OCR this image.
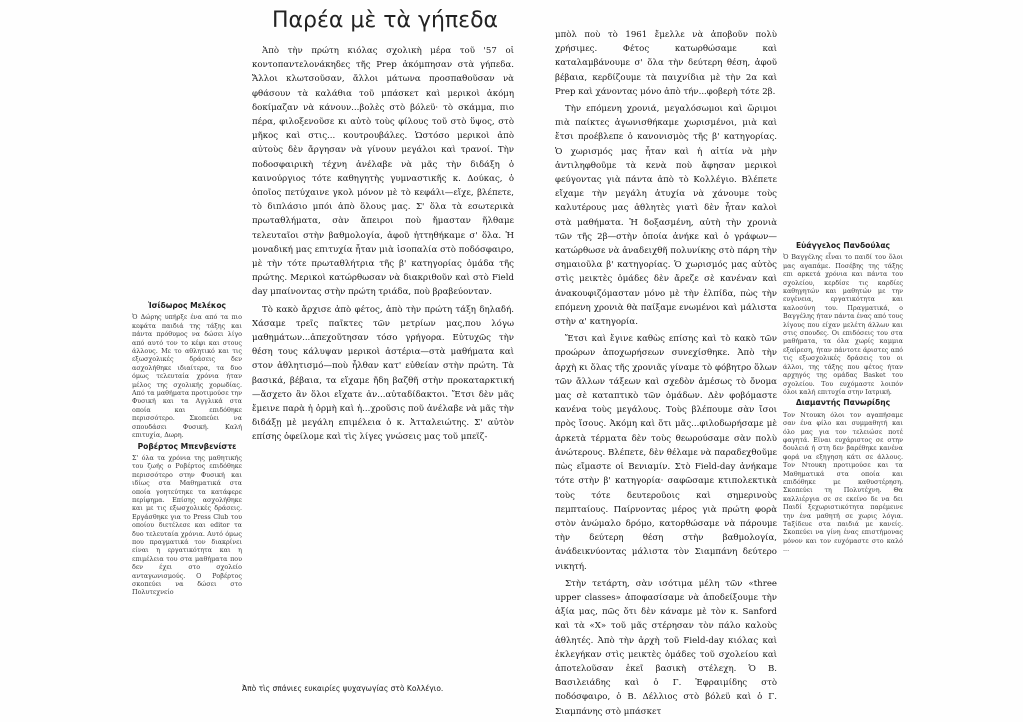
Παρέα μὲ τὰ γήπεδα
Ἰσίδωρος Μελέκος

Ὁ Δώρης υπήρξε ένα από τα πιο κεφάτα παιδιά της τάξης και πάντα πρόθυμος να δώσει λίγο από αυτό τον το κέφι και στους άλλους. Με το αθλητικό και τις εξωσχολικές δράσεις δεν ασχολήθηκε ιδιαίτερα, τα δυο όμως τελευταία χρόνια ήταν μέλος της σχολικής χορωδίας. Από τα μαθήματα προτιμούσε την Φυσική και τα Αγγλικά στα οποία και επιδόθηκε περισσότερο. Σκοπεύει να σπουδάσει Φυσική. Καλή επιτυχία, Δωρη.

Ροβέρτος Μπενβενίστε

Σ' όλα τα χρόνια της μαθητικής του ζωής ο Ροβέρτος επιδόθηκε περισσότερο στην Φυσική και ιδίως στα Μαθηματικά στα οποία γοητεύτηκε τα κατάφερε περίφημα. Επίσης ασχολήθηκε και με τις εξωσχολικές δράσεις. Εργάσθηκε για το Press Club του οποίου διετέλεσε και editor τα δυο τελευταία χρόνια. Αυτό όμως που πραγματικά τον διακρίνει είναι η εργατικότητα και η επιμέλεια του στα μαθήματα που δεν έχει στο σχολείο ανταγωνισμούς. Ο Ροβέρτος σκοπεύει να δώσει στο Πολυτεχνείο

Ἀπὸ τὴν πρώτη κιόλας σχολικὴ μέρα τοῦ '57 οἱ κοντοπαντελονάκηδες τῆς Prep ἀκόμπησαν στὰ γήπεδα. Ἄλλοι κλωτσοῦσαν, ἄλλοι μάτωνα προσπαθοῦσαν νὰ φθάσουν τὰ καλάθια τοῦ μπάσκετ καὶ μερικοὶ ἀκόμη δοκίμαζαν νὰ κάνουν...βολὲς στὸ βόλεϋ· τὸ σκάμμα, πιο πέρα, φιλοξενοῦσε κι αὐτὸ τοὺς φίλους τοῦ στὸ ὕψος, στὸ μῆκος καὶ στις... κουτρουβάλες. Ὡστόσο μερικοὶ ἀπὸ αὐτοὺς δὲν ἄργησαν νὰ γίνουν μεγάλοι καὶ τρανοί. Τὴν ποδοσφαιρικὴ τέχνη ἀνέλαβε νὰ μᾶς τὴν διδάξη ὁ καινούργιος τότε καθηγητὴς γυμναστικῆς κ. Δούκας, ὁ ὁποῖος πετύχαινε γκολ μόνον μὲ τὸ κεφάλι—εἴχε, βλέπετε, τὸ διπλάσιο μπόι ἀπὸ ὅλους μας. Σ' ὅλα τὰ εσωτερικὰ πρωταθλήματα, σὰν ἄπειροι ποὺ ἤμασταν ἥλθαμε τελευταῖοι στὴν βαθμολογία, ἀφοῦ ἡττηθήκαμε σ' ὅλα. Ἡ μοναδική μας επιτυχία ἦταν μιὰ ἰσοπαλία στὸ ποδόσφαιρο, μὲ τὴν τότε πρωταθλήτρια τῆς β' κατηγορίας ὁμάδα τῆς πρώτης. Μερικοὶ κατώρθωσαν νὰ διακριθοῦν καὶ στὸ Field day μπαίνοντας στὴν πρώτη τριάδα, ποὺ βραβεύονταν.

Τὸ κακὸ ἄρχισε ἀπὸ φέτος, ἀπὸ τὴν πρώτη τάξη δηλαδή. Χάσαμε τρεῖς παῖκτες τῶν μετρίων μας,που λόγω μαθημάτων...ἀπεχοῦτησαν τόσο γρήγορα. Εὐτυχῶς τὴν θέση τους κάλυψαν μερικοὶ ἀστέρια—στὰ μαθήματα καὶ στον ἀθλητισμό—ποὺ ἦλθαν κατ' εὐθείαν στὴν πρώτη. Τὰ βασικά, βέβαια, τα εἴχαμε ἤδη βαζθῆ στὴν προκαταρκτική—ἄσχετο ἂν ὅλοι εἴχατε ἀν...αὐταδίδακτοι. Ἔτσι δὲν μᾶς ἔμεινε παρὰ ἡ ὁρμὴ καὶ ἡ...χροῦσις ποῦ ἀνέλαβε νὰ μᾶς τὴν διδάξῃ μὲ μεγάλη επιμέλεια ὁ κ. Ἀτταλειώτης. Σ' αὐτὸν επίσης ὀφείλομε καὶ τὶς λίγες γνώσεις μας τοῦ μπεϊζ-

Ἀπὸ τὶς σπάνιες ευκαιρίες ψυχαγωγίας στὸ Κολλέγιο.

μπὸλ ποὺ τὸ 1961 ἔμελλε νὰ ἀποβοῦν πολὺ χρήσιμες. Φέτος κατωρθώσαμε καὶ καταλαμβάνουμε σ' ὅλα τὴν δεύτερη θέση, ἀφοῦ βέβαια, κερδίζουμε τὰ παιχνίδια μὲ τὴν 2α καὶ Prep καὶ χάνοντας μόνο ἀπὸ τήν...φοβερὴ τότε 2β.

Τὴν επόμενη χρονιά, μεγαλόσωμοι καὶ ὥριμοι πιὰ παίκτες ἀγωνισθήκαμε χωρισμένοι, μιὰ καὶ ἔτσι προέβλεπε ὁ κανονισμὸς τῆς β' κατηγορίας. Ὁ χωρισμός μας ἦταν καὶ ἡ αἰτία νὰ μὴν ἀντιληφθοῦμε τὰ κενὰ ποὺ ἄφησαν μερικοὶ φεύγοντας γιὰ πάντα ἀπὸ τὸ Κολλέγιο. Βλέπετε εἴχαμε τὴν μεγάλη ἀτυχία νὰ χάνουμε τοὺς καλυτέρους μας ἀθλητὲς γιατὶ δὲν ἦταν καλοὶ στὰ μαθήματα. Ἡ δοξασμένη, αὐτὴ τὴν χρονιὰ τῶν τῆς 2β—στὴν ὁποία ἀνήκε καὶ ὁ γράφων—κατώρθωσε νὰ ἀναδειχθῆ πολυνίκης στὸ πάρη τὴν σημαιοῦλα β' κατηγορίας. Ὁ χωρισμός μας αὐτὸς στὶς μεικτὲς ὁμάδες δὲν ἄρεζε σὲ κανέναν καὶ ἀνακουφιζόμασταν μόνο μὲ τὴν ἐλπίδα, πὼς τὴν επόμενη χρονιὰ θὰ παίξαμε ενωμένοι καὶ μάλιστα στὴν α' κατηγορία.

Ἔτσι καὶ ἔγινε καθὼς επίσης καὶ τὸ κακὸ τῶν προώρων ἀποχωρήσεων συνεχίσθηκε. Ἀπὸ τὴν ἀρχὴ κι ὅλας τῆς χρονιᾶς γίναμε τὸ φόβητρο ὅλων τῶν ἄλλων τάξεων καὶ σχεδὸν ἁμέσως τὸ ὄνομα μας σὲ καταπτικὸ τῶν ὁμάδων. Δὲν φοβόμαστε κανένα τοὺς μεγάλους. Τοὺς βλέπουμε σὰν ἴσοι πρὸς ἴσους. Ἀκόμη καὶ ὅτι μᾶς...φιλοδωρήσαμε μὲ ἀρκετὰ τέρματα δὲν τοὺς θεωρούσαμε σὰν πολὺ ἀνώτερους. Βλέπετε, δὲν θέλαμε νὰ παραδεχθοῦμε πὼς εἴμαστε οἱ Βενιαμίν. Στὸ Field-day ἀνήκαμε τότε στὴν β' κατηγορία· σαφῶσαμε κτιπολεκτικὰ τοὺς τότε δευτεροῦοις καὶ σημερινοὺς πεμπταίους. Παίρνοντας μέρος γιὰ πρώτη φορὰ στὸν ἀνώμαλο δρόμο, κατορθώσαμε νὰ πάρουμε τὴν δεύτερη θέση στὴν βαθμολογία, ἀνάδεικνύοντας μάλιστα τὸν Σιαμπάνη δεύτερο νικητή.

Στὴν τετάρτη, σὰν ισότιμα μέλη τῶν «three upper classes» ἀποφασίσαμε νὰ ἀποδείξουμε τὴν ἀξία μας, πῶς ὅτι δὲν κάναμε μὲ τὸν κ. Sanford καὶ τὰ «Χ» τοῦ μᾶς στέρησαν τὸν πάλο καλοὺς ἀθλητές. Ἀπὸ τὴν ἀρχὴ τοῦ Field-day κιόλας καὶ ἐκλεγήκαν στὶς μεικτὲς ὁμάδες τοῦ σχολείου καὶ ἀποτελοῦσαν ἐκεῖ βασικὴ στέλεχη. Ὁ Β. Βασιλειάδης καὶ ὁ Γ. Ἐφραιμίδης στὸ ποδόσφαιρο, ὁ Β. Δέλλιος στὸ βόλεϋ καὶ ὁ Γ. Σιαμπάνης στὸ μπάσκετ

Εὐάγγελος Πανδούλας

Ὁ Βαγγέλης εἶναι το παιδί του ὅλοι μας αγαπάμε. Ποσέβης της τάξης επι αρκετά χρόνια και πάντα του σχολείου, κερδίσε τις καρδίες καθηγητών και μαθητών με την ευγένεια, εργατικότητα και καλοσύνη του. Πραγματικά, ο Βαγγέλης ήταν πάντα ένας από τους λίγους που είχαν μελέτη άλλων και στις σπουδες. Οι επιδόσεις του στα μαθήματα, τα όλα χωρίς καμμια εξαίρεση, ήταν πάντοτε άριστες από τις εξωσχολικές δράσεις του οι άλλοι, της τάξης που φέτος ήταν αρχηγός της ομάδας Basket του σχολείου. Του ευχόμαστε λοιπόν όλοι καλή επιτυχία στην Ιατρική.

Διαμαντής Πανωρίδης

Τον Ντουκη όλοι τον αγαπήσαμε σαν ένα φίλο και συμμαθητή και όλο μας για τον τελειώσε ποτέ φαγητά. Είναι ευχάριστος σε στην δουλειά ή στη δεν βαρέθηκε κανένα φορά να εξηγηση κάτι σε άλλους. Τον Ντουκη προτιμούσε και τα Μαθηματικά στα οποία και επιδόθηκε με καθυστέρηση. Σκοπεύει τη Πολυτέχνη. Θα καλλιέργια σε σε εκείνο δε να δει Παιδί ξεχωριστικότητα παρέμεινε την ένα μαθητή σε χωρις λόγια. Ταξίδευε στα παιδιά με κανείς. Σκοπεύει να γίνη ένας επιστήμονας μόνον και τον ευχόμαστε στο καλό ...
